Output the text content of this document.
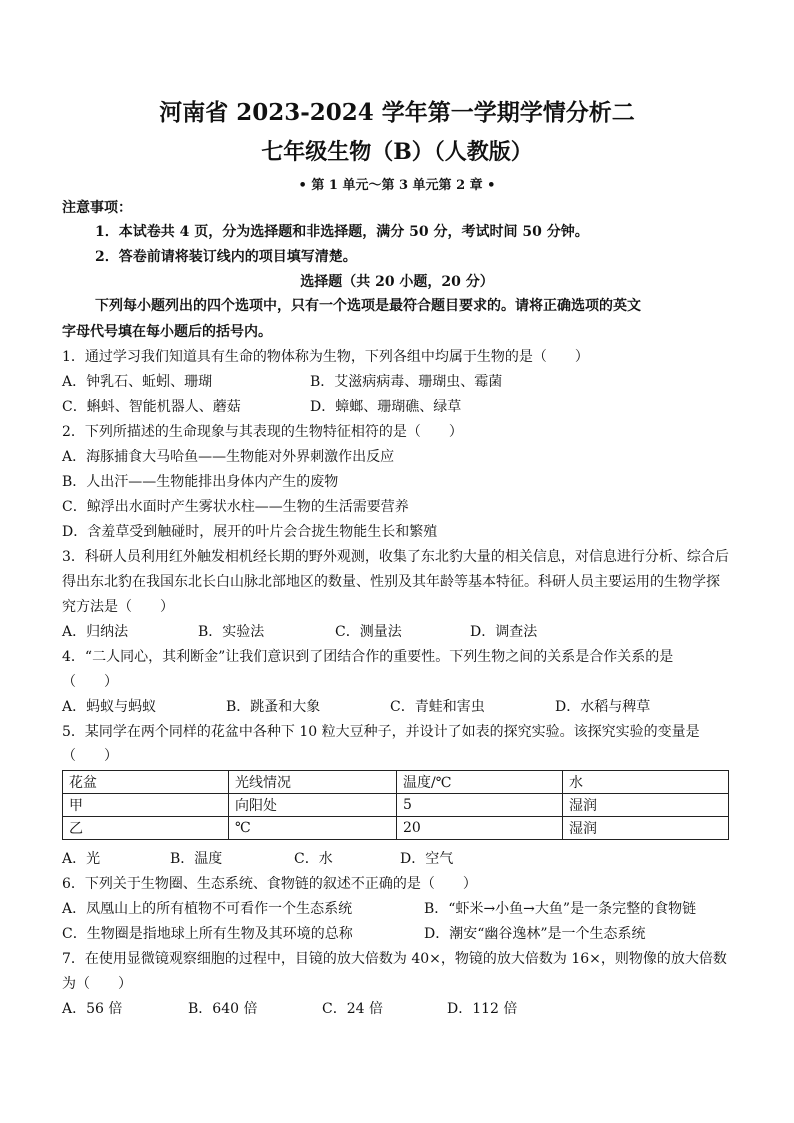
河南省 2023-2024 学年第一学期学情分析二
七年级生物（B）（人教版）
• 第 1 单元～第 3 单元第 2 章 •
注意事项：
1．本试卷共 4 页，分为选择题和非选择题，满分 50 分，考试时间 50 分钟。
2．答卷前请将装订线内的项目填写清楚。
选择题（共 20 小题，20 分）
下列每小题列出的四个选项中，只有一个选项是最符合题目要求的。请将正确选项的英文
字母代号填在每小题后的括号内。
1．通过学习我们知道具有生命的物体称为生物，下列各组中均属于生物的是（　　）
A．钟乳石、蚯蚓、珊瑚	B．艾滋病病毒、珊瑚虫、霉菌
C．蝌蚪、智能机器人、蘑菇	D．蟑螂、珊瑚礁、绿草
2．下列所描述的生命现象与其表现的生物特征相符的是（　　）
A．海豚捕食大马哈鱼——生物能对外界刺激作出反应
B．人出汗——生物能排出身体内产生的废物
C．鲸浮出水面时产生雾状水柱——生物的生活需要营养
D．含羞草受到触碰时，展开的叶片会合拢生物能生长和繁殖
3．科研人员利用红外触发相机经长期的野外观测，收集了东北豹大量的相关信息，对信息进行分析、综合后
得出东北豹在我国东北长白山脉北部地区的数量、性别及其年龄等基本特征。科研人员主要运用的生物学探
究方法是（　　）
A．归纳法	B．实验法	C．测量法	D．调查法
4．“二人同心，其利断金”让我们意识到了团结合作的重要性。下列生物之间的关系是合作关系的是
（　　）
A．蚂蚁与蚂蚁	B．跳蚤和大象	C．青蛙和害虫	D．水稻与稗草
5．某同学在两个同样的花盆中各种下 10 粒大豆种子，并设计了如表的探究实验。该探究实验的变量是
（　　）
花盆	光线情况	温度/℃	水
甲	向阳处	5	湿润
乙	℃	20	湿润
A．光	B．温度	C．水	D．空气
6．下列关于生物圈、生态系统、食物链的叙述不正确的是（　　）
A．凤凰山上的所有植物不可看作一个生态系统	B．“虾米→小鱼→大鱼”是一条完整的食物链
C．生物圈是指地球上所有生物及其环境的总称	D．潮安“幽谷逸林”是一个生态系统
7．在使用显微镜观察细胞的过程中，目镜的放大倍数为 40×，物镜的放大倍数为 16×，则物像的放大倍数
为（　　）
A．56 倍	B．640 倍	C．24 倍	D．112 倍
